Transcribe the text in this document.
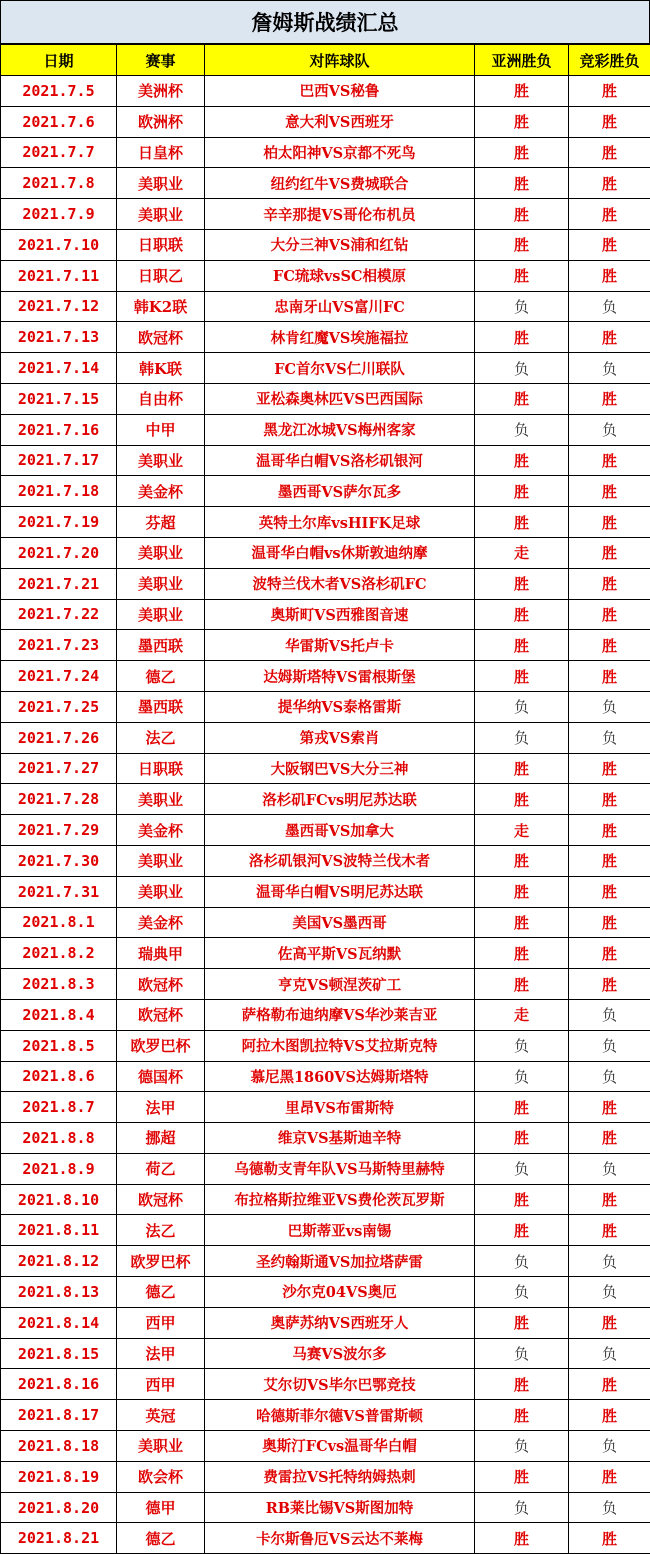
詹姆斯战绩汇总
日期	赛事	对阵球队	亚洲胜负	竞彩胜负
2021.7.5	美洲杯	巴西VS秘鲁	胜	胜
2021.7.6	欧洲杯	意大利VS西班牙	胜	胜
2021.7.7	日皇杯	柏太阳神VS京都不死鸟	胜	胜
2021.7.8	美职业	纽约红牛VS费城联合	胜	胜
2021.7.9	美职业	辛辛那提VS哥伦布机员	胜	胜
2021.7.10	日职联	大分三神VS浦和红钻	胜	胜
2021.7.11	日职乙	FC琉球vsSC相模原	胜	胜
2021.7.12	韩K2联	忠南牙山VS富川FC	负	负
2021.7.13	欧冠杯	林肯红魔VS埃施福拉	胜	胜
2021.7.14	韩K联	FC首尔VS仁川联队	负	负
2021.7.15	自由杯	亚松森奥林匹VS巴西国际	胜	胜
2021.7.16	中甲	黑龙江冰城VS梅州客家	负	负
2021.7.17	美职业	温哥华白帽VS洛杉矶银河	胜	胜
2021.7.18	美金杯	墨西哥VS萨尔瓦多	胜	胜
2021.7.19	芬超	英特土尔库vsHIFK足球	胜	胜
2021.7.20	美职业	温哥华白帽vs休斯敦迪纳摩	走	胜
2021.7.21	美职业	波特兰伐木者VS洛杉矶FC	胜	胜
2021.7.22	美职业	奥斯町VS西雅图音速	胜	胜
2021.7.23	墨西联	华雷斯VS托卢卡	胜	胜
2021.7.24	德乙	达姆斯塔特VS雷根斯堡	胜	胜
2021.7.25	墨西联	提华纳VS泰格雷斯	负	负
2021.7.26	法乙	第戎VS索肖	负	负
2021.7.27	日职联	大阪钢巴VS大分三神	胜	胜
2021.7.28	美职业	洛杉矶FCvs明尼苏达联	胜	胜
2021.7.29	美金杯	墨西哥VS加拿大	走	胜
2021.7.30	美职业	洛杉矶银河VS波特兰伐木者	胜	胜
2021.7.31	美职业	温哥华白帽VS明尼苏达联	胜	胜
2021.8.1	美金杯	美国VS墨西哥	胜	胜
2021.8.2	瑞典甲	佐高平斯VS瓦纳默	胜	胜
2021.8.3	欧冠杯	亨克VS顿涅茨矿工	胜	胜
2021.8.4	欧冠杯	萨格勒布迪纳摩VS华沙莱吉亚	走	负
2021.8.5	欧罗巴杯	阿拉木图凯拉特VS艾拉斯克特	负	负
2021.8.6	德国杯	慕尼黑1860VS达姆斯塔特	负	负
2021.8.7	法甲	里昂VS布雷斯特	胜	胜
2021.8.8	挪超	维京VS基斯迪辛特	胜	胜
2021.8.9	荷乙	乌德勒支青年队VS马斯特里赫特	负	负
2021.8.10	欧冠杯	布拉格斯拉维亚VS费伦茨瓦罗斯	胜	胜
2021.8.11	法乙	巴斯蒂亚vs南锡	胜	胜
2021.8.12	欧罗巴杯	圣约翰斯通VS加拉塔萨雷	负	负
2021.8.13	德乙	沙尔克04VS奥厄	负	负
2021.8.14	西甲	奥萨苏纳VS西班牙人	胜	胜
2021.8.15	法甲	马赛VS波尔多	负	负
2021.8.16	西甲	艾尔切VS毕尔巴鄂竞技	胜	胜
2021.8.17	英冠	哈德斯菲尔德VS普雷斯顿	胜	胜
2021.8.18	美职业	奥斯汀FCvs温哥华白帽	负	负
2021.8.19	欧会杯	费雷拉VS托特纳姆热刺	胜	胜
2021.8.20	德甲	RB莱比锡VS斯图加特	负	负
2021.8.21	德乙	卡尔斯鲁厄VS云达不莱梅	胜	胜
